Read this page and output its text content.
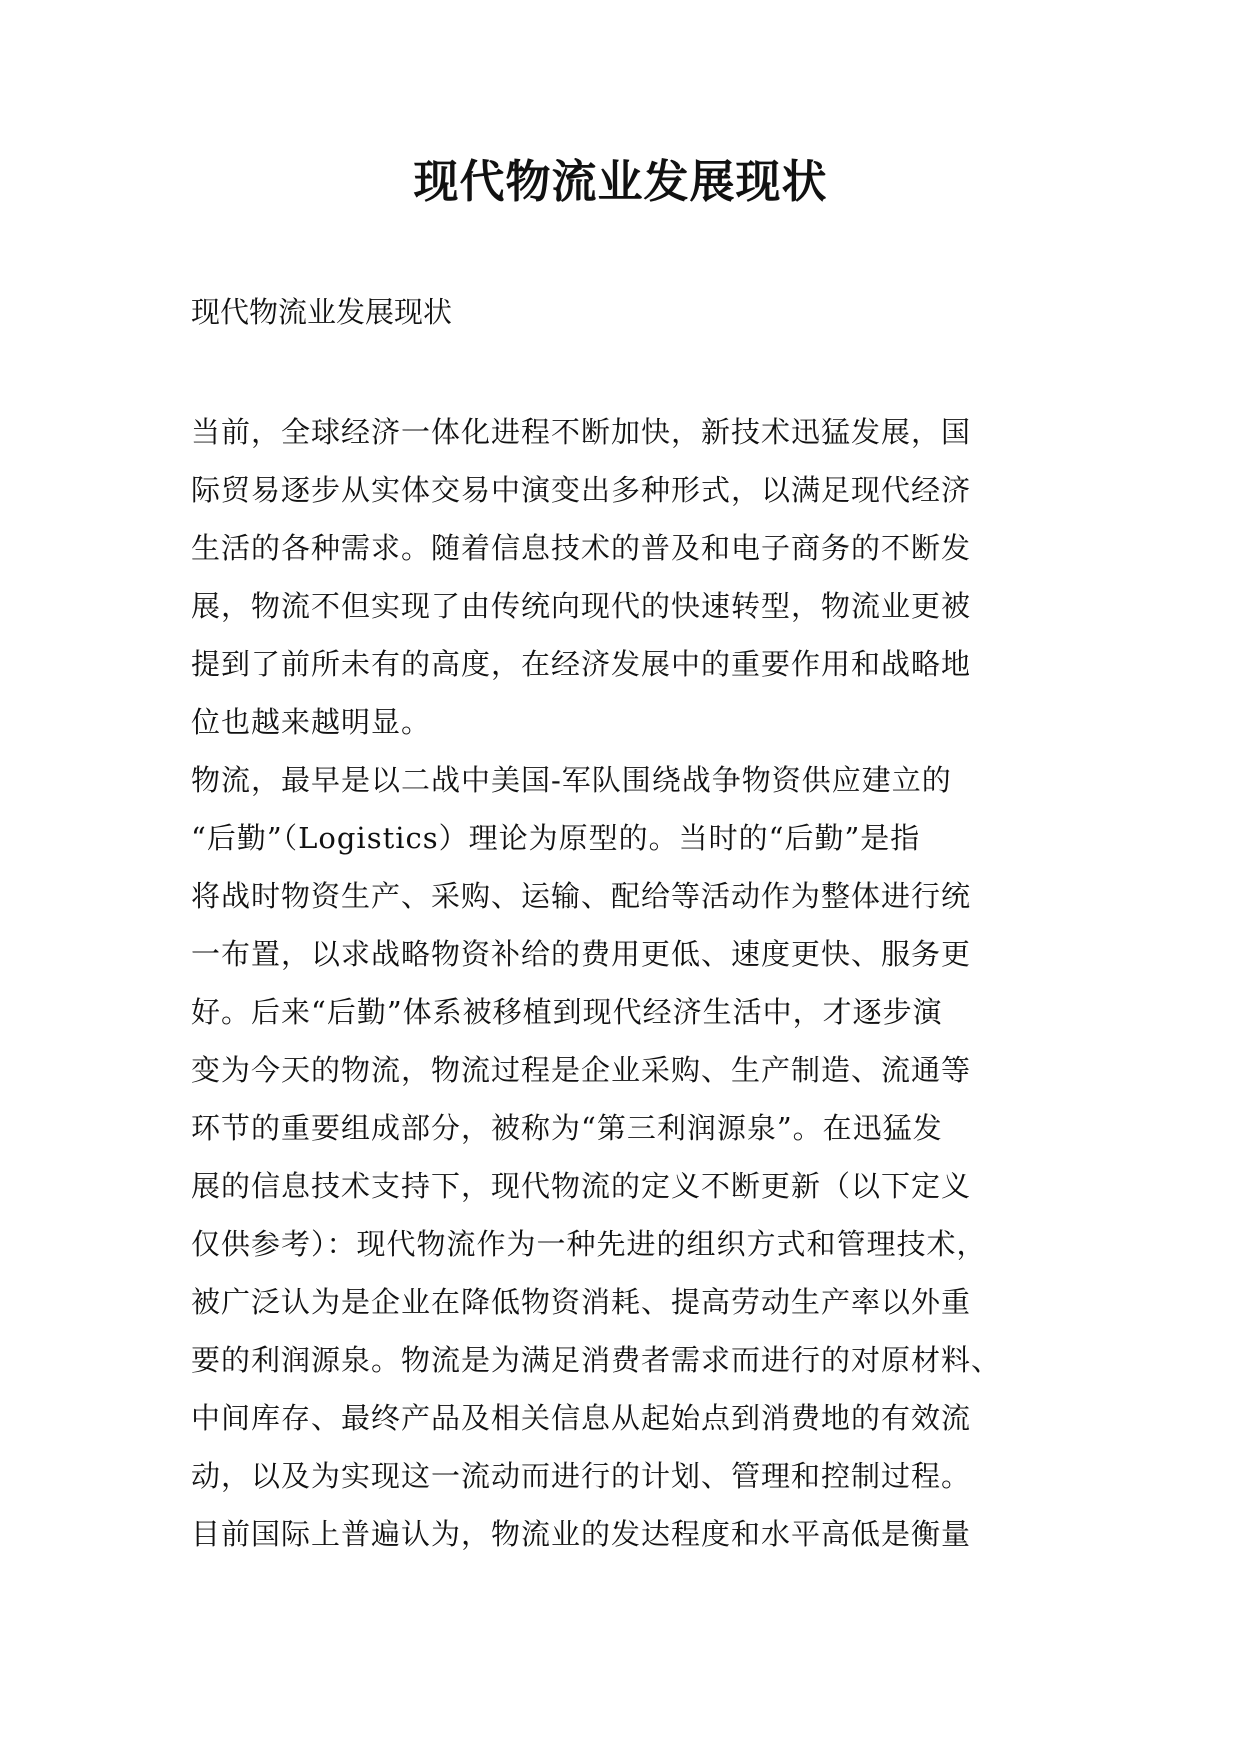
现代物流业发展现状

现代物流业发展现状

当前，全球经济一体化进程不断加快，新技术迅猛发展，国
际贸易逐步从实体交易中演变出多种形式，以满足现代经济
生活的各种需求。随着信息技术的普及和电子商务的不断发
展，物流不但实现了由传统向现代的快速转型，物流业更被
提到了前所未有的高度，在经济发展中的重要作用和战略地
位也越来越明显。
物流，最早是以二战中美国-军队围绕战争物资供应建立的
“后勤”（Logistics）理论为原型的。当时的“后勤”是指
将战时物资生产、采购、运输、配给等活动作为整体进行统
一布置，以求战略物资补给的费用更低、速度更快、服务更
好。后来“后勤”体系被移植到现代经济生活中，才逐步演
变为今天的物流，物流过程是企业采购、生产制造、流通等
环节的重要组成部分，被称为“第三利润源泉”。在迅猛发
展的信息技术支持下，现代物流的定义不断更新（以下定义
仅供参考）：现代物流作为一种先进的组织方式和管理技术，
被广泛认为是企业在降低物资消耗、提高劳动生产率以外重
要的利润源泉。物流是为满足消费者需求而进行的对原材料、
中间库存、最终产品及相关信息从起始点到消费地的有效流
动，以及为实现这一流动而进行的计划、管理和控制过程。
目前国际上普遍认为，物流业的发达程度和水平高低是衡量
